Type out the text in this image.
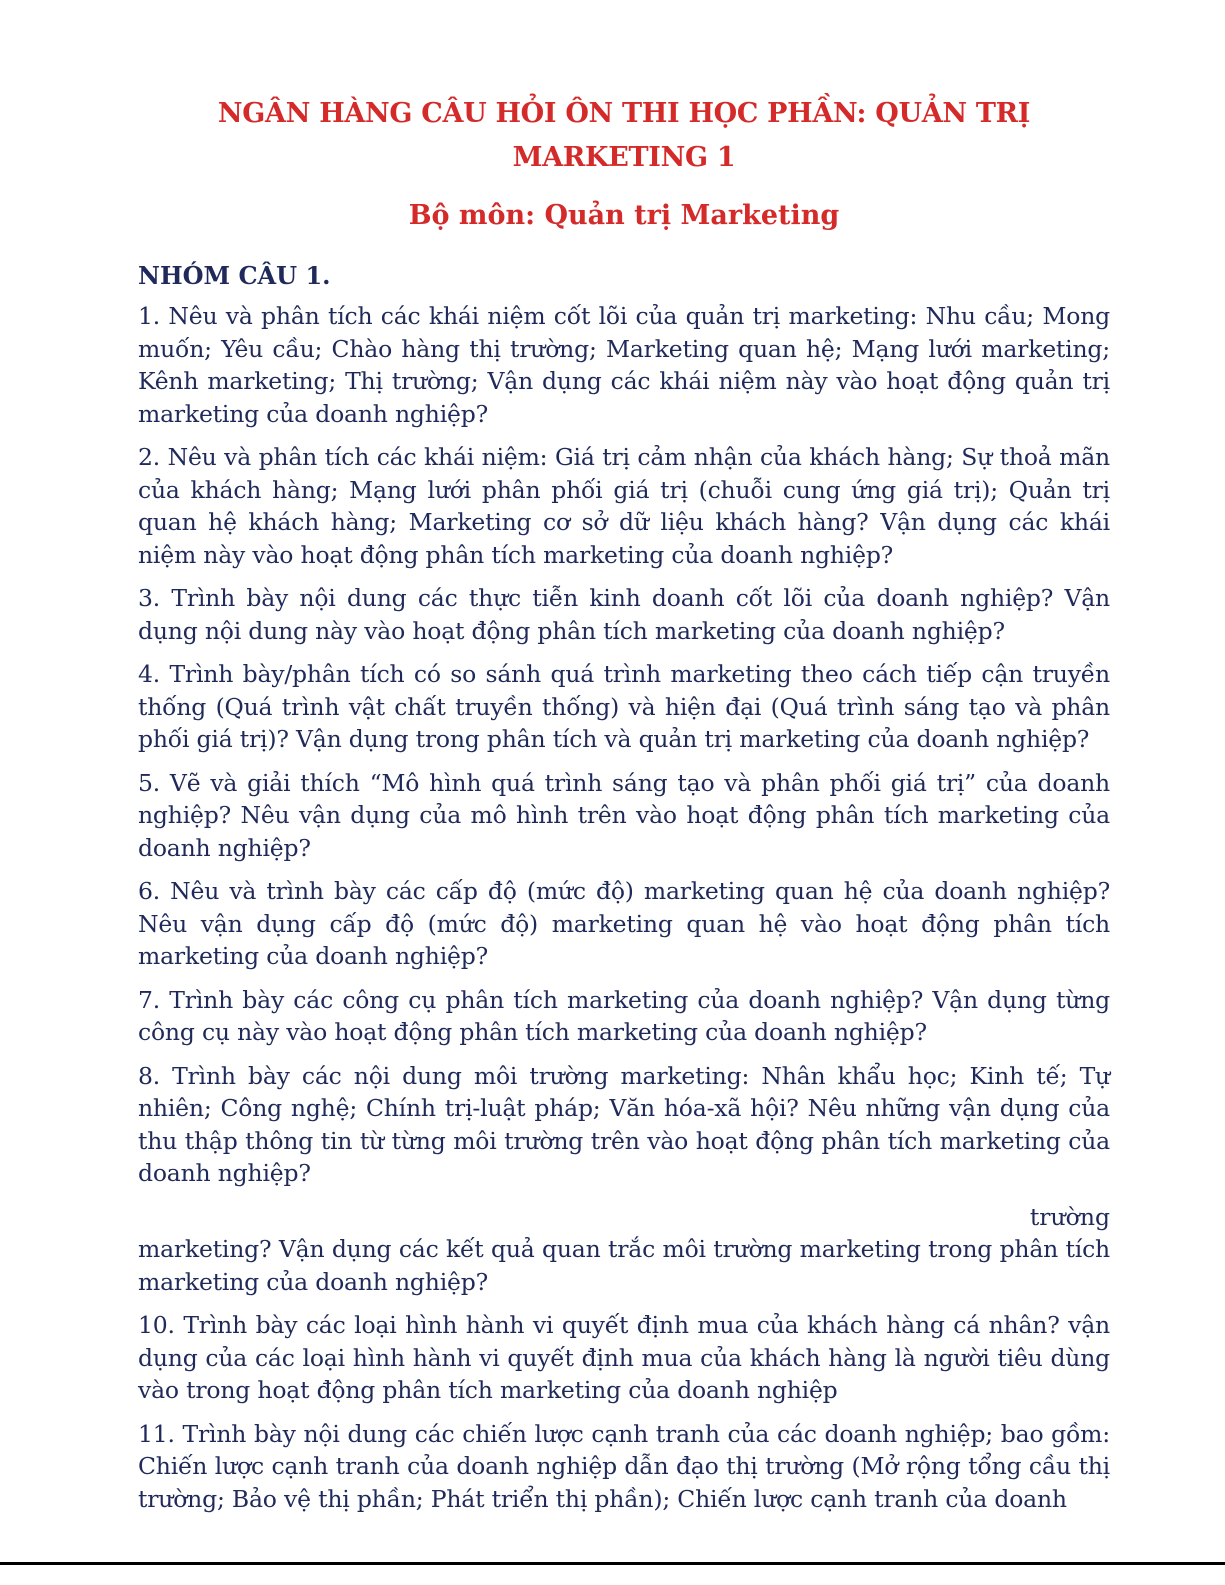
NGÂN HÀNG CÂU HỎI ÔN THI HỌC PHẦN: QUẢN TRỊ MARKETING 1
Bộ môn: Quản trị Marketing
NHÓM CÂU 1.

1. Nêu và phân tích các khái niệm cốt lõi của quản trị marketing: Nhu cầu; Mong muốn; Yêu cầu; Chào hàng thị trường; Marketing quan hệ; Mạng lưới marketing; Kênh marketing; Thị trường; Vận dụng các khái niệm này vào hoạt động quản trị marketing của doanh nghiệp?

2. Nêu và phân tích các khái niệm: Giá trị cảm nhận của khách hàng; Sự thoả mãn của khách hàng; Mạng lưới phân phối giá trị (chuỗi cung ứng giá trị); Quản trị quan hệ khách hàng; Marketing cơ sở dữ liệu khách hàng? Vận dụng các khái niệm này vào hoạt động phân tích marketing của doanh nghiệp?

3. Trình bày nội dung các thực tiễn kinh doanh cốt lõi của doanh nghiệp? Vận dụng nội dung này vào hoạt động phân tích marketing của doanh nghiệp?

4. Trình bày/phân tích có so sánh quá trình marketing theo cách tiếp cận truyền thống (Quá trình vật chất truyền thống) và hiện đại (Quá trình sáng tạo và phân phối giá trị)? Vận dụng trong phân tích và quản trị marketing của doanh nghiệp?

5. Vẽ và giải thích “Mô hình quá trình sáng tạo và phân phối giá trị” của doanh nghiệp? Nêu vận dụng của mô hình trên vào hoạt động phân tích marketing của doanh nghiệp?

6. Nêu và trình bày các cấp độ (mức độ) marketing quan hệ của doanh nghiệp? Nêu vận dụng cấp độ (mức độ) marketing quan hệ vào hoạt động phân tích marketing của doanh nghiệp?

7. Trình bày các công cụ phân tích marketing của doanh nghiệp? Vận dụng từng công cụ này vào hoạt động phân tích marketing của doanh nghiệp?

8. Trình bày các nội dung môi trường marketing: Nhân khẩu học; Kinh tế; Tự nhiên; Công nghệ; Chính trị-luật pháp; Văn hóa-xã hội? Nêu những vận dụng của thu thập thông tin từ từng môi trường trên vào hoạt động phân tích marketing của doanh nghiệp?

trường

marketing? Vận dụng các kết quả quan trắc môi trường marketing trong phân tích marketing của doanh nghiệp?

10. Trình bày các loại hình hành vi quyết định mua của khách hàng cá nhân? vận dụng của các loại hình hành vi quyết định mua của khách hàng là người tiêu dùng vào trong hoạt động phân tích marketing của doanh nghiệp

11. Trình bày nội dung các chiến lược cạnh tranh của các doanh nghiệp; bao gồm: Chiến lược cạnh tranh của doanh nghiệp dẫn đạo thị trường (Mở rộng tổng cầu thị trường; Bảo vệ thị phần; Phát triển thị phần); Chiến lược cạnh tranh của doanh
